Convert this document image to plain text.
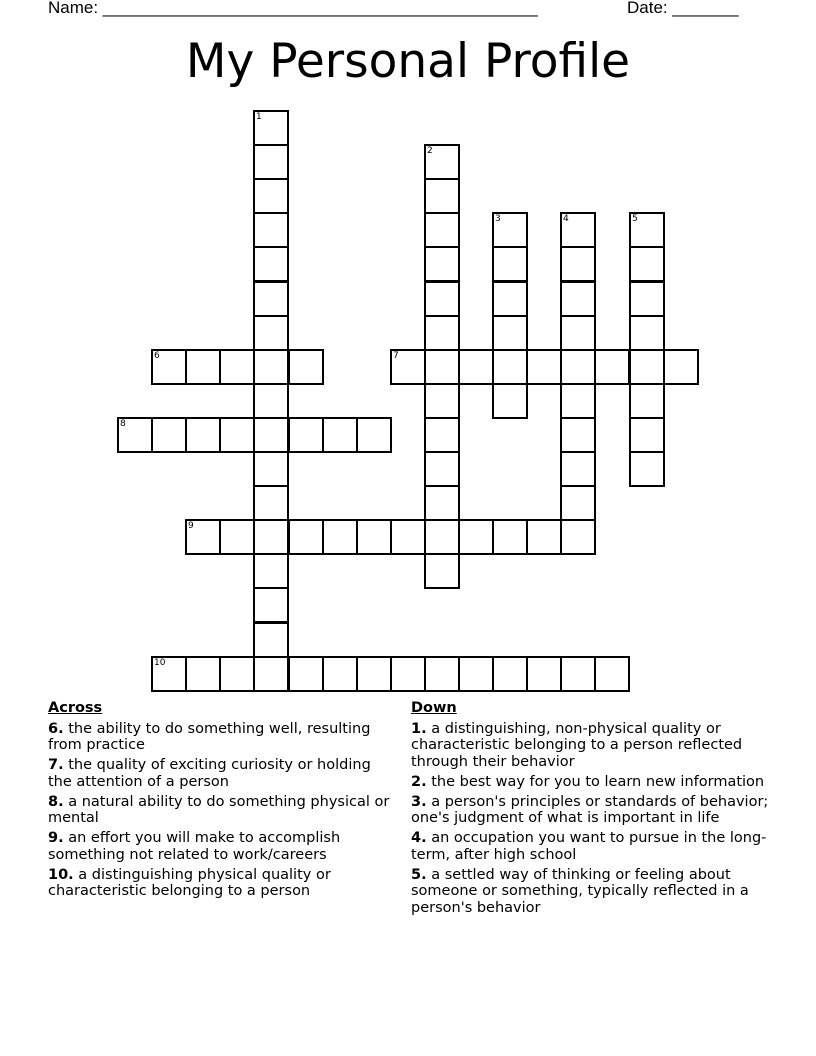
Name: ______________________________________________	Date: _______
My Personal Profile
1
2
3	4	5
6	7
8
9
10
Across
6. the ability to do something well, resulting from practice
7. the quality of exciting curiosity or holding the attention of a person
8. a natural ability to do something physical or mental
9. an effort you will make to accomplish something not related to work/careers
10. a distinguishing physical quality or characteristic belonging to a person
Down
1. a distinguishing, non-physical quality or characteristic belonging to a person reflected through their behavior
2. the best way for you to learn new information
3. a person's principles or standards of behavior; one's judgment of what is important in life
4. an occupation you want to pursue in the long-term, after high school
5. a settled way of thinking or feeling about someone or something, typically reflected in a person's behavior
